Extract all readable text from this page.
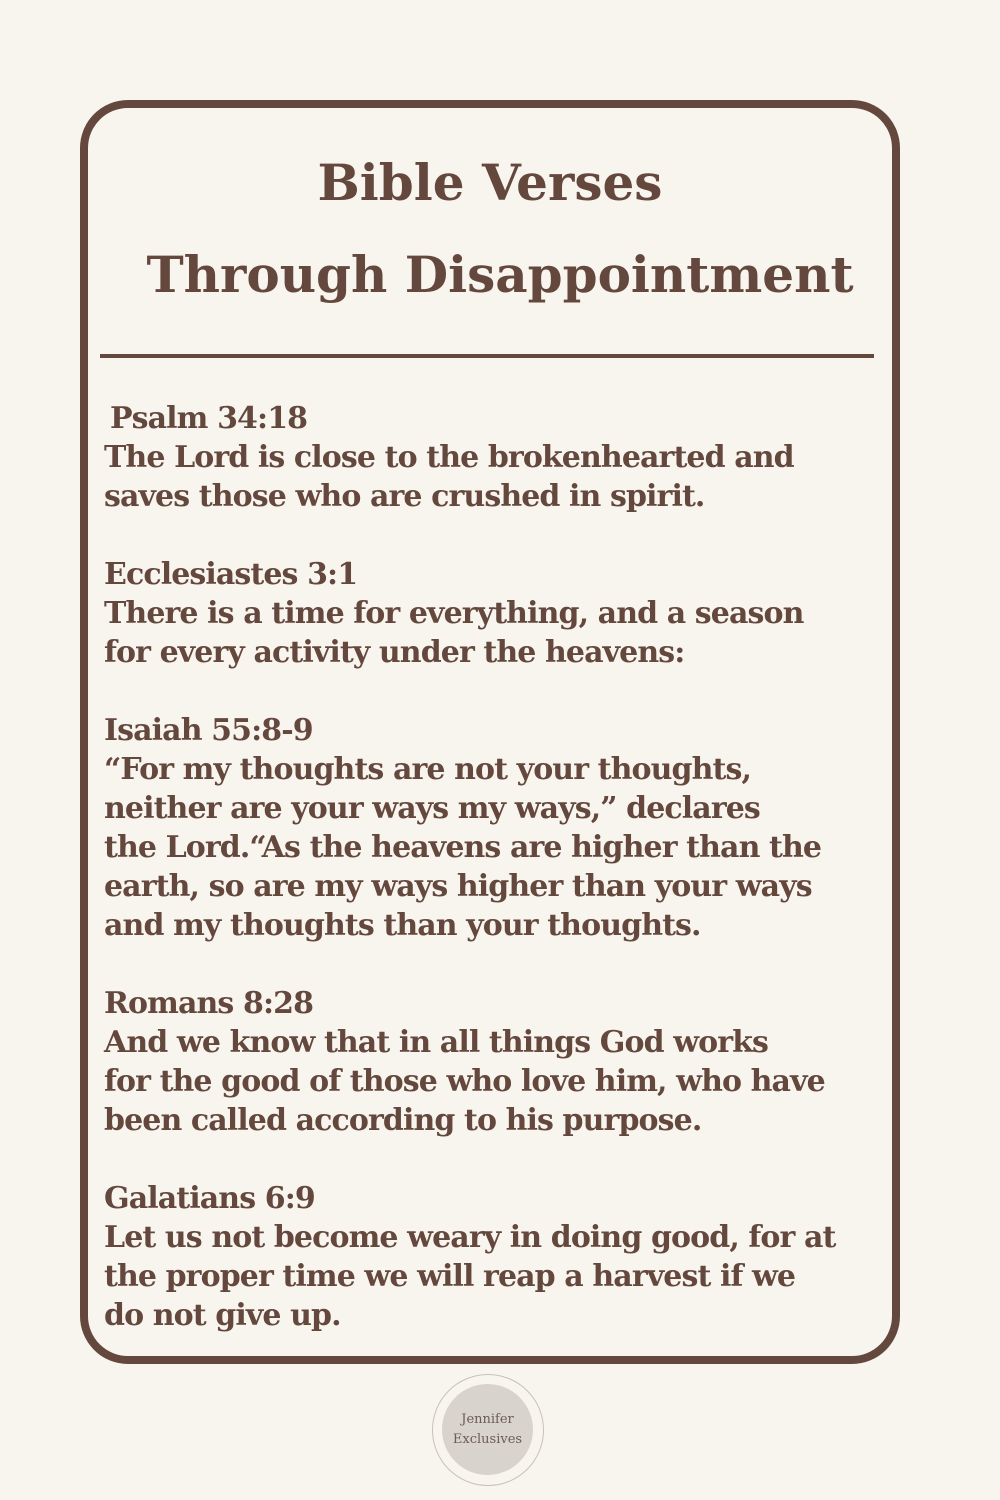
Bible Verses
Through Disappointment
Psalm 34:18
The Lord is close to the brokenhearted and
saves those who are crushed in spirit.
Ecclesiastes 3:1
There is a time for everything, and a season
for every activity under the heavens:
Isaiah 55:8-9
“For my thoughts are not your thoughts,
neither are your ways my ways,” declares
the Lord.“As the heavens are higher than the
earth, so are my ways higher than your ways
and my thoughts than your thoughts.
Romans 8:28
And we know that in all things God works
for the good of those who love him, who have
been called according to his purpose.
Galatians 6:9
Let us not become weary in doing good, for at
the proper time we will reap a harvest if we
do not give up.
Jennifer
Exclusives
